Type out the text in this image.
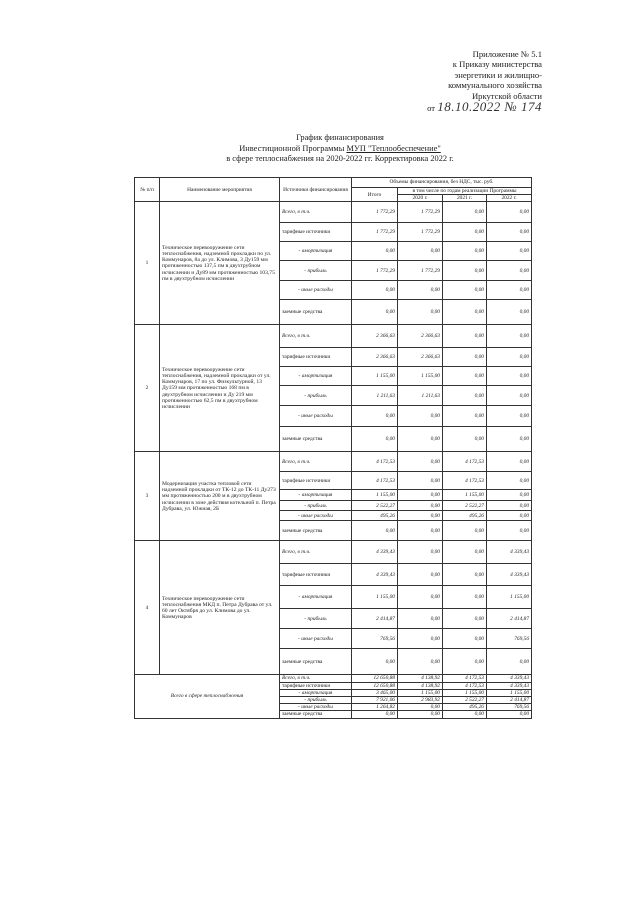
Приложение № 5.1
к Приказу министерства
энергетики и жилищно-
коммунального хозяйства
Иркутской области
от 18.10.2022 № 174
График финансирования
Инвестиционной Программы МУП "Теплообеспечение"
в сфере теплоснабжения на 2020-2022 гг. Корректировка 2022 г.
№ п/п	Наименование мероприятия	Источники финансирования	Объемы финансирования, без НДС, тыс. руб.			
			Итого	в том числе по годам реализации Программы		
				2020 г.	2021 г.	2022 г.
1	Техническое перевооружение сети теплоснабжения, надземной прокладки по ул. Коммунаров, 8а до ул. Климова, 3 Ду159 мм протяженностью 137,5 пм в двухтрубном исчислении и Ду89 мм протяженностью 103,75 пм в двухтрубном исчислении	Всего, в т.ч.	1 772,29	1 772,29	0,00	0,00
		тарифные источники	1 772,29	1 772,29	0,00	0,00
		- амортизация	0,00	0,00	0,00	0,00
		- прибыль	1 772,29	1 772,29	0,00	0,00
		- иные расходы	0,00	0,00	0,00	0,00
		заемные средства	0,00	0,00	0,00	0,00
2	Техническое перевооружение сети теплоснабжения, надземной прокладки от ул. Коммунаров, 17 по ул. Физкультурной, 13 Ду159 мм протяженностью 168 пм в двухтрубном исчислении и Ду 219 мм протяженностью 62,5 пм в двухтрубном исчислении	Всего, в т.ч.	2 366,63	2 366,63	0,00	0,00
		тарифные источники	2 366,63	2 366,63	0,00	0,00
		- амортизация	1 155,00	1 155,00	0,00	0,00
		- прибыль	1 211,63	1 211,63	0,00	0,00
		- иные расходы	0,00	0,00	0,00	0,00
		заемные средства	0,00	0,00	0,00	0,00
3	Модернизация участка тепловой сети надземной прокладки от ТК-12 до ТК-11 Ду273 мм протяженностью 200 м в двухтрубном исчислении в зоне действия котельной п. Петра Дубрава, ул. Южная, 2Б	Всего, в т.ч.	4 172,53	0,00	4 172,53	0,00
		тарифные источники	4 172,53	0,00	4 172,53	0,00
		- амортизация	1 155,00	0,00	1 155,00	0,00
		- прибыль	2 522,27	0,00	2 522,27	0,00
		- иные расходы	495,26	0,00	495,26	0,00
		заемные средства	0,00	0,00	0,00	0,00
4	Техническое перевооружение сети теплоснабжения МКД п. Петра Дубрава от ул. 60 лет Октября до ул. Климова до ул. Коммунаров	Всего, в т.ч.	4 339,43	0,00	0,00	4 339,43
		тарифные источники	4 339,43	0,00	0,00	4 339,43
		- амортизация	1 155,00	0,00	0,00	1 155,00
		- прибыль	2 414,87	0,00	0,00	2 414,87
		- иные расходы	769,56	0,00	0,00	769,56
		заемные средства	0,00	0,00	0,00	0,00
Всего в сфере теплоснабжения		Всего, в т.ч.	12 650,88	4 138,92	4 172,53	4 339,43
		тарифные источники	12 650,88	4 138,92	4 172,53	4 339,43
		- амортизация	3 465,00	1 155,00	1 155,00	1 155,00
		- прибыль	7 921,06	2 983,92	2 522,27	2 414,87
		- иные расходы	1 264,82	0,00	495,26	769,56
		заемные средства	0,00	0,00	0,00	0,00
